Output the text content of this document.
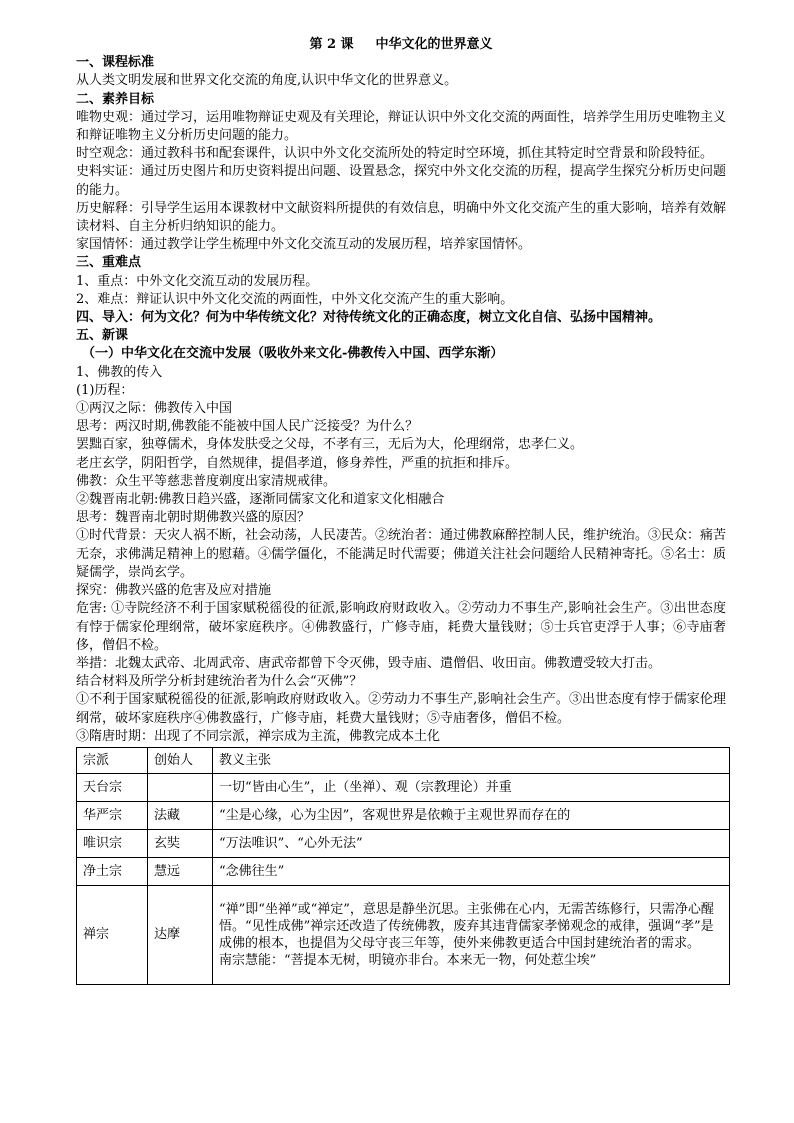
第 2 课 中华文化的世界意义

一、课程标准

从人类文明发展和世界文化交流的角度,认识中华文化的世界意义。

二、素养目标

唯物史观：通过学习，运用唯物辩证史观及有关理论，辩证认识中外文化交流的两面性，培养学生用历史唯物主义和辩证唯物主义分析历史问题的能力。

时空观念：通过教科书和配套课件，认识中外文化交流所处的特定时空环境，抓住其特定时空背景和阶段特征。

史料实证：通过历史图片和历史资料提出问题、设置悬念，探究中外文化交流的历程，提高学生探究分析历史问题的能力。

历史解释：引导学生运用本课教材中文献资料所提供的有效信息，明确中外文化交流产生的重大影响，培养有效解读材料、自主分析归纳知识的能力。

家国情怀：通过教学让学生梳理中外文化交流互动的发展历程，培养家国情怀。

三、重难点

1、重点：中外文化交流互动的发展历程。

2、难点：辩证认识中外文化交流的两面性，中外文化交流产生的重大影响。

四、导入：何为文化？何为中华传统文化？对待传统文化的正确态度，树立文化自信、弘扬中国精神。

五、新课

（一）中华文化在交流中发展（吸收外来文化-佛教传入中国、西学东渐）

1、佛教的传入

(1)历程：

①两汉之际：佛教传入中国

思考：两汉时期,佛教能不能被中国人民广泛接受？为什么？

罢黜百家，独尊儒术，身体发肤受之父母，不孝有三，无后为大，伦理纲常，忠孝仁义。

老庄玄学，阴阳哲学，自然规律，提倡孝道，修身养性，严重的抗拒和排斥。

佛教：众生平等慈悲普度剃度出家清规戒律。

②魏晋南北朝:佛教日趋兴盛，逐渐同儒家文化和道家文化相融合

思考：魏晋南北朝时期佛教兴盛的原因？

①时代背景：天灾人祸不断，社会动荡，人民凄苦。②统治者：通过佛教麻醉控制人民，维护统治。③民众：痛苦无奈，求佛满足精神上的慰藉。④儒学僵化，不能满足时代需要；佛道关注社会问题给人民精神寄托。⑤名士：质疑儒学，崇尚玄学。

探究：佛教兴盛的危害及应对措施

危害: ①寺院经济不利于国家赋税徭役的征派,影响政府财政收入。②劳动力不事生产,影响社会生产。③出世态度有悖于儒家伦理纲常，破坏家庭秩序。④佛教盛行，广修寺庙，耗费大量钱财；⑤士兵官吏浮于人事；⑥寺庙奢侈，僧侣不检。

举措：北魏太武帝、北周武帝、唐武帝都曾下令灭佛，毁寺庙、遣僧侣、收田亩。佛教遭受较大打击。

结合材料及所学分析封建统治者为什么会“灭佛”？

①不利于国家赋税徭役的征派,影响政府财政收入。②劳动力不事生产,影响社会生产。③出世态度有悖于儒家伦理纲常，破坏家庭秩序④佛教盛行，广修寺庙，耗费大量钱财；⑤寺庙奢侈，僧侣不检。

③隋唐时期：出现了不同宗派，禅宗成为主流，佛教完成本土化

宗派	创始人	教义主张
天台宗		一切“皆由心生”，止（坐禅）、观（宗教理论）并重
华严宗	法藏	“尘是心缘，心为尘因”，客观世界是依赖于主观世界而存在的
唯识宗	玄奘	“万法唯识”、“心外无法”
净土宗	慧远	“念佛往生”
禅宗	达摩	“禅”即“坐禅”或“禅定”，意思是静坐沉思。主张佛在心内，无需苦练修行，只需净心醒悟。“见性成佛”禅宗还改造了传统佛教，废弃其违背儒家孝悌观念的戒律，强调“孝”是成佛的根本，也提倡为父母守丧三年等，使外来佛教更适合中国封建统治者的需求。
南宗慧能：“菩提本无树，明镜亦非台。本来无一物，何处惹尘埃”
